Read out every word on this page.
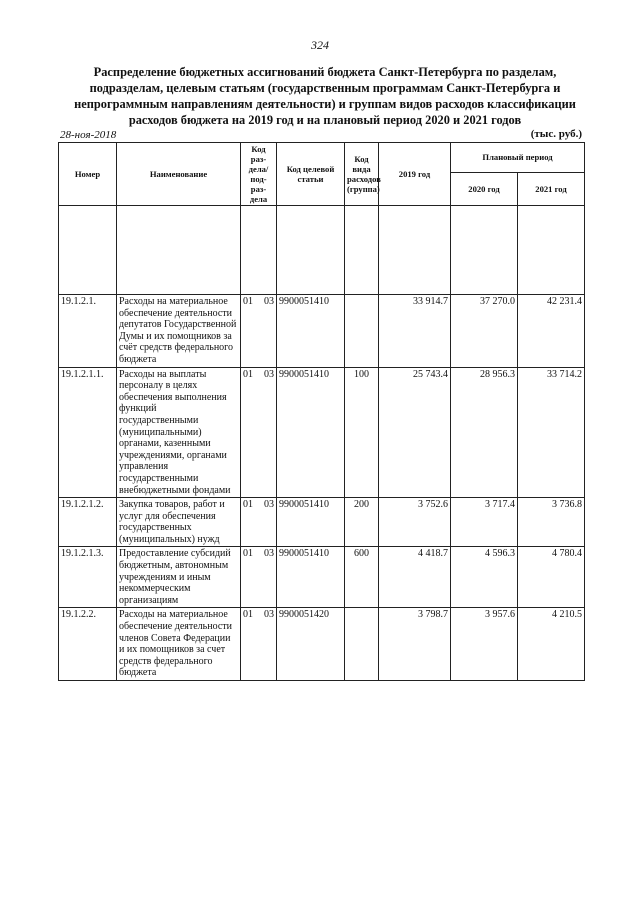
324
Распределение бюджетных ассигнований бюджета Санкт-Петербурга по разделам, подразделам, целевым статьям (государственным программам Санкт-Петербурга и непрограммным направлениям деятельности) и группам видов расходов классификации расходов бюджета на 2019 год и на плановый период 2020 и 2021 годов
28-ноя-2018	(тыс. руб.)
Номер	Наименование	Код раз-дела/ под-раз-дела	Код целевой статьи	Код вида расходов (группа)	2019 год	Плановый период	
						2020 год	2021 год

19.1.2.1.	Расходы на материальное обеспечение деятельности депутатов Государственной Думы и их помощников за счёт средств федерального бюджета	01 03	9900051410		33 914.7	37 270.0	42 231.4
19.1.2.1.1.	Расходы на выплаты персоналу в целях обеспечения выполнения функций государственными (муниципальными) органами, казенными учреждениями, органами управления государственными внебюджетными фондами	01 03	9900051410	100	25 743.4	28 956.3	33 714.2
19.1.2.1.2.	Закупка товаров, работ и услуг для обеспечения государственных (муниципальных) нужд	01 03	9900051410	200	3 752.6	3 717.4	3 736.8
19.1.2.1.3.	Предоставление субсидий бюджетным, автономным учреждениям и иным некоммерческим организациям	01 03	9900051410	600	4 418.7	4 596.3	4 780.4
19.1.2.2.	Расходы на материальное обеспечение деятельности членов Совета Федерации и их помощников за счет средств федерального бюджета	01 03	9900051420		3 798.7	3 957.6	4 210.5
